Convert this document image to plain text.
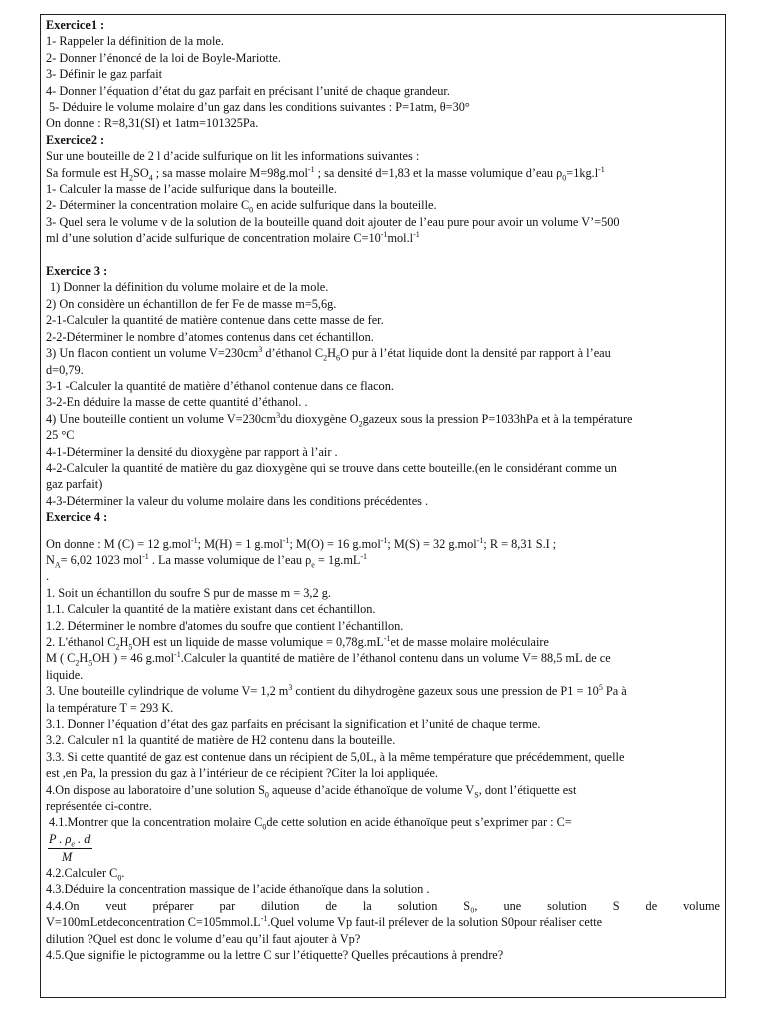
Exercice1 :
1- Rappeler la définition de la mole.
2- Donner l’énoncé de la loi de Boyle-Mariotte.
3- Définir le gaz parfait
4- Donner l’équation d’état du gaz parfait en précisant l’unité de chaque grandeur.
5- Déduire le volume molaire d’un gaz dans les conditions suivantes : P=1atm, θ=30°
On donne : R=8,31(SI) et 1atm=101325Pa.
Exercice2 :
Sur une bouteille de 2 l d’acide sulfurique on lit les informations suivantes :
Sa formule est $H_2SO_4$ ; sa masse molaire M=98g.mol$^{-1}$ ; sa densité d=1,83 et la masse volumique d’eau $\rho_0=1kg.l^{-1}$
1- Calculer la masse de l’acide sulfurique dans la bouteille.
2- Déterminer la concentration molaire $C_0$ en acide sulfurique dans la bouteille.
3- Quel sera le volume v de la solution de la bouteille quand doit ajouter de l’eau pure pour avoir un volume V’=500
ml d’une solution d’acide sulfurique de concentration molaire $C=10^{-1}mol.l^{-1}$
Exercice 3 :
1) Donner la définition du volume molaire et de la mole.
2) On considère un échantillon de fer Fe de masse m=5,6g.
2-1-Calculer la quantité de matière contenue dans cette masse de fer.
2-2-Déterminer le nombre d’atomes contenus dans cet échantillon.
3) Un flacon contient un volume $V=230cm^3$ d’éthanol $C_2H_6O$ pur à l’état liquide dont la densité par rapport à l’eau
d=0,79.
3-1 -Calculer la quantité de matière d’éthanol contenue dans ce flacon.
3-2-En déduire la masse de cette quantité d’éthanol. .
4) Une bouteille contient un volume $V=230cm^3du$ dioxygène $O_2gazeux$ sous la pression P=1033hPa et à la température
25 °C
4-1-Déterminer la densité du dioxygène par rapport à l’air .
4-2-Calculer la quantité de matière du gaz dioxygène qui se trouve dans cette bouteille.(en le considérant comme un
gaz parfait)
4-3-Déterminer la valeur du volume molaire dans les conditions précédentes .
Exercice 4 :
On donne : M (C) = 12 g.mol$^{-1}$; M(H) = 1 g.mol$^{-1}$; M(O) = 16 g.mol$^{-1}$; M(S) = 32 g.mol$^{-1}$; R = 8,31 S.I ;
$N_A= 6,02$ 1023 mol$^{-1}$ . La masse volumique de l’eau $\rho_e = 1g.mL^{-1}$
.
1. Soit un échantillon du soufre S pur de masse m = 3,2 g.
1.1. Calculer la quantité de la matière existant dans cet échantillon.
1.2. Déterminer le nombre d'atomes du soufre que contient l’échantillon.
2. L'éthanol $C_2H_5OH$ est un liquide de masse volumique = $0,78g.mL^{-1}et$ de masse molaire moléculaire
M ( $C_2H_5OH$ ) = 46 g.mol$^{-1}$.Calculer la quantité de matière de l’éthanol contenu dans un volume V= 88,5 mL de ce
liquide.
3. Une bouteille cylindrique de volume V= 1,2 $m^3$ contient du dihydrogène gazeux sous une pression de $P1 = 10^5$ Pa à
la température T = 293 K.
3.1. Donner l’équation d’état des gaz parfaits en précisant la signification et l’unité de chaque terme.
3.2. Calculer n1 la quantité de matière de H2 contenu dans la bouteille.
3.3. Si cette quantité de gaz est contenue dans un récipient de 5,0L, à la même température que précédemment, quelle
est ,en Pa, la pression du gaz à l’intérieur de ce récipient ?Citer la loi appliquée.
4.On dispose au laboratoire d’une solution $S_0$ aqueuse d’acide éthanoïque de volume $V_S$, dont l’étiquette est
représentée ci-contre.
4.1.Montrer que la concentration molaire $C_0de$ cette solution en acide éthanoïque peut s’exprimer par : C=
$\frac{P . \rho_e . d}{M}$
4.2.Calculer $C_0$.
4.3.Déduire la concentration massique de l’acide éthanoïque dans la solution .
4.4.On veut préparer par dilution de la solution S₀, une solution S de volume
V=100mLetdeconcentration $C=105mmol.L^{-1}.Quel$ volume Vp faut-il prélever de la solution S0pour réaliser cette
dilution ?Quel est donc le volume d’eau qu’il faut ajouter à Vp?
4.5.Que signifie le pictogramme ou la lettre C sur l’étiquette? Quelles précautions à prendre?
